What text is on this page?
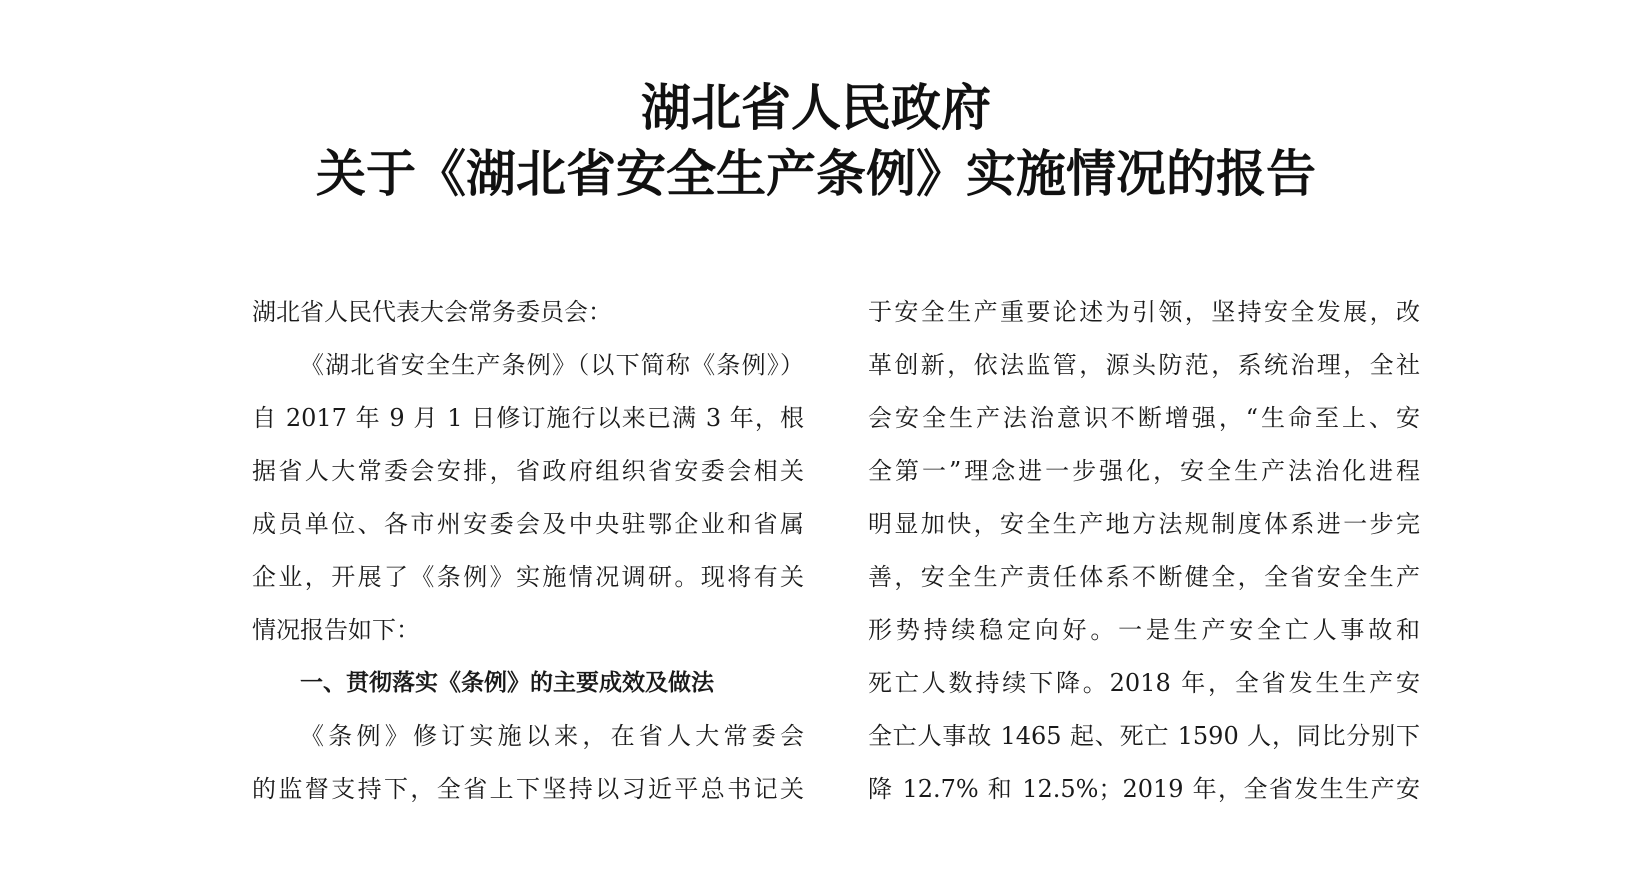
湖北省人民政府
关于《湖北省安全生产条例》实施情况的报告
湖北省人民代表大会常务委员会：
《湖北省安全生产条例》（以下简称《条例》）
自 2017 年 9 月 1 日修订施行以来已满 3 年，根
据省人大常委会安排，省政府组织省安委会相关
成员单位、各市州安委会及中央驻鄂企业和省属
企业，开展了《条例》实施情况调研。现将有关
情况报告如下：
一、贯彻落实《条例》的主要成效及做法
《条例》修订实施以来，在省人大常委会
的监督支持下，全省上下坚持以习近平总书记关
于安全生产重要论述为引领，坚持安全发展，改
革创新，依法监管，源头防范，系统治理，全社
会安全生产法治意识不断增强，“生命至上、安
全第一”理念进一步强化，安全生产法治化进程
明显加快，安全生产地方法规制度体系进一步完
善，安全生产责任体系不断健全，全省安全生产
形势持续稳定向好。一是生产安全亡人事故和
死亡人数持续下降。2018 年，全省发生生产安
全亡人事故 1465 起、死亡 1590 人，同比分别下
降 12.7% 和 12.5%；2019 年，全省发生生产安
